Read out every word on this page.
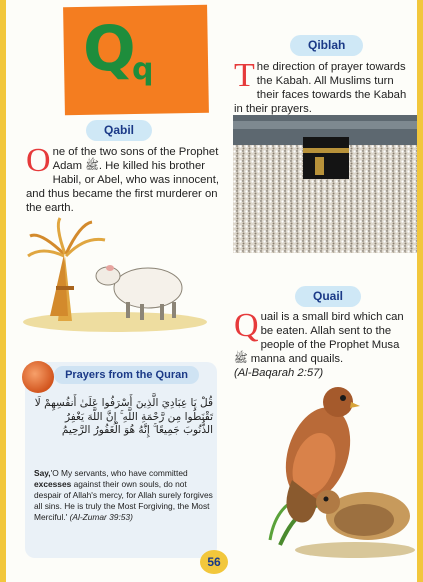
Q
q
Qiblah
The direction of prayer towards the Kabah. All Muslims turn their faces towards the Kabah in their prayers.
Qabil
One of the two sons of the Prophet Adam ﷺ. He killed his brother Habil, or Abel, who was innocent, and thus became the first murderer on the earth.
Quail
Quail is a small bird which can be eaten. Allah sent to the people of the Prophet Musa ﷺ manna and quails.
(Al-Baqarah 2:57)
Prayers from the Quran
قُلْ يَا عِبَادِيَ الَّذِينَ أَسْرَفُوا عَلَىٰ أَنفُسِهِمْ لَا تَقْنَطُوا مِن رَّحْمَةِ اللَّهِ ۚ إِنَّ اللَّهَ يَغْفِرُ الذُّنُوبَ جَمِيعًا ۚ إِنَّهُ هُوَ الْغَفُورُ الرَّحِيمُ
Say,'O My servants, who have committed
excesses against their own souls, do not despair of Allah's mercy, for Allah surely forgives all sins. He is truly the Most Forgiving, the Most Merciful.' (Al-Zumar 39:53)
56
